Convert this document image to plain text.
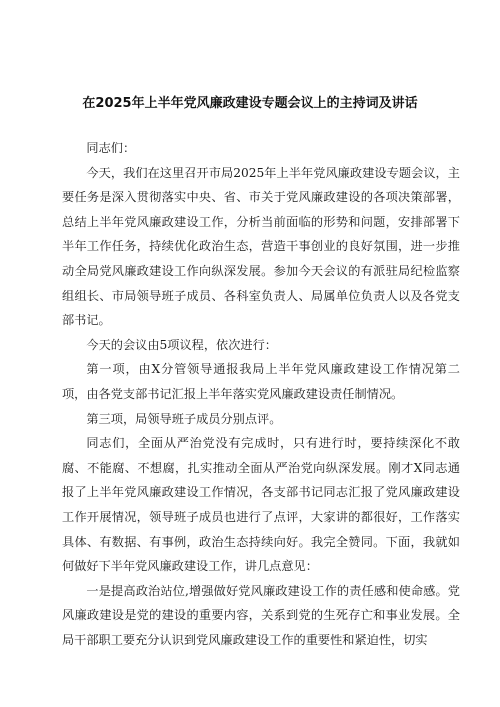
在2025年上半年党风廉政建设专题会议上的主持词及讲话

同志们：

今天，我们在这里召开市局2025年上半年党风廉政建设专题会议，主要任务是深入贯彻落实中央、省、市关于党风廉政建设的各项决策部署，总结上半年党风廉政建设工作，分析当前面临的形势和问题，安排部署下半年工作任务，持续优化政治生态，营造干事创业的良好氛围，进一步推动全局党风廉政建设工作向纵深发展。参加今天会议的有派驻局纪检监察组组长、市局领导班子成员、各科室负责人、局属单位负责人以及各党支部书记。

今天的会议由5项议程，依次进行：

第一项，由X分管领导通报我局上半年党风廉政建设工作情况第二项，由各党支部书记汇报上半年落实党风廉政建设责任制情况。

第三项，局领导班子成员分别点评。

同志们，全面从严治党没有完成时，只有进行时，要持续深化不敢腐、不能腐、不想腐，扎实推动全面从严治党向纵深发展。刚才X同志通报了上半年党风廉政建设工作情况，各支部书记同志汇报了党风廉政建设工作开展情况，领导班子成员也进行了点评，大家讲的都很好，工作落实具体、有数据、有事例，政治生态持续向好。我完全赞同。下面，我就如何做好下半年党风廉政建设工作，讲几点意见：

一是提高政治站位,增强做好党风廉政建设工作的责任感和使命感。党风廉政建设是党的建设的重要内容，关系到党的生死存亡和事业发展。全局干部职工要充分认识到党风廉政建设工作的重要性和紧迫性，切实
